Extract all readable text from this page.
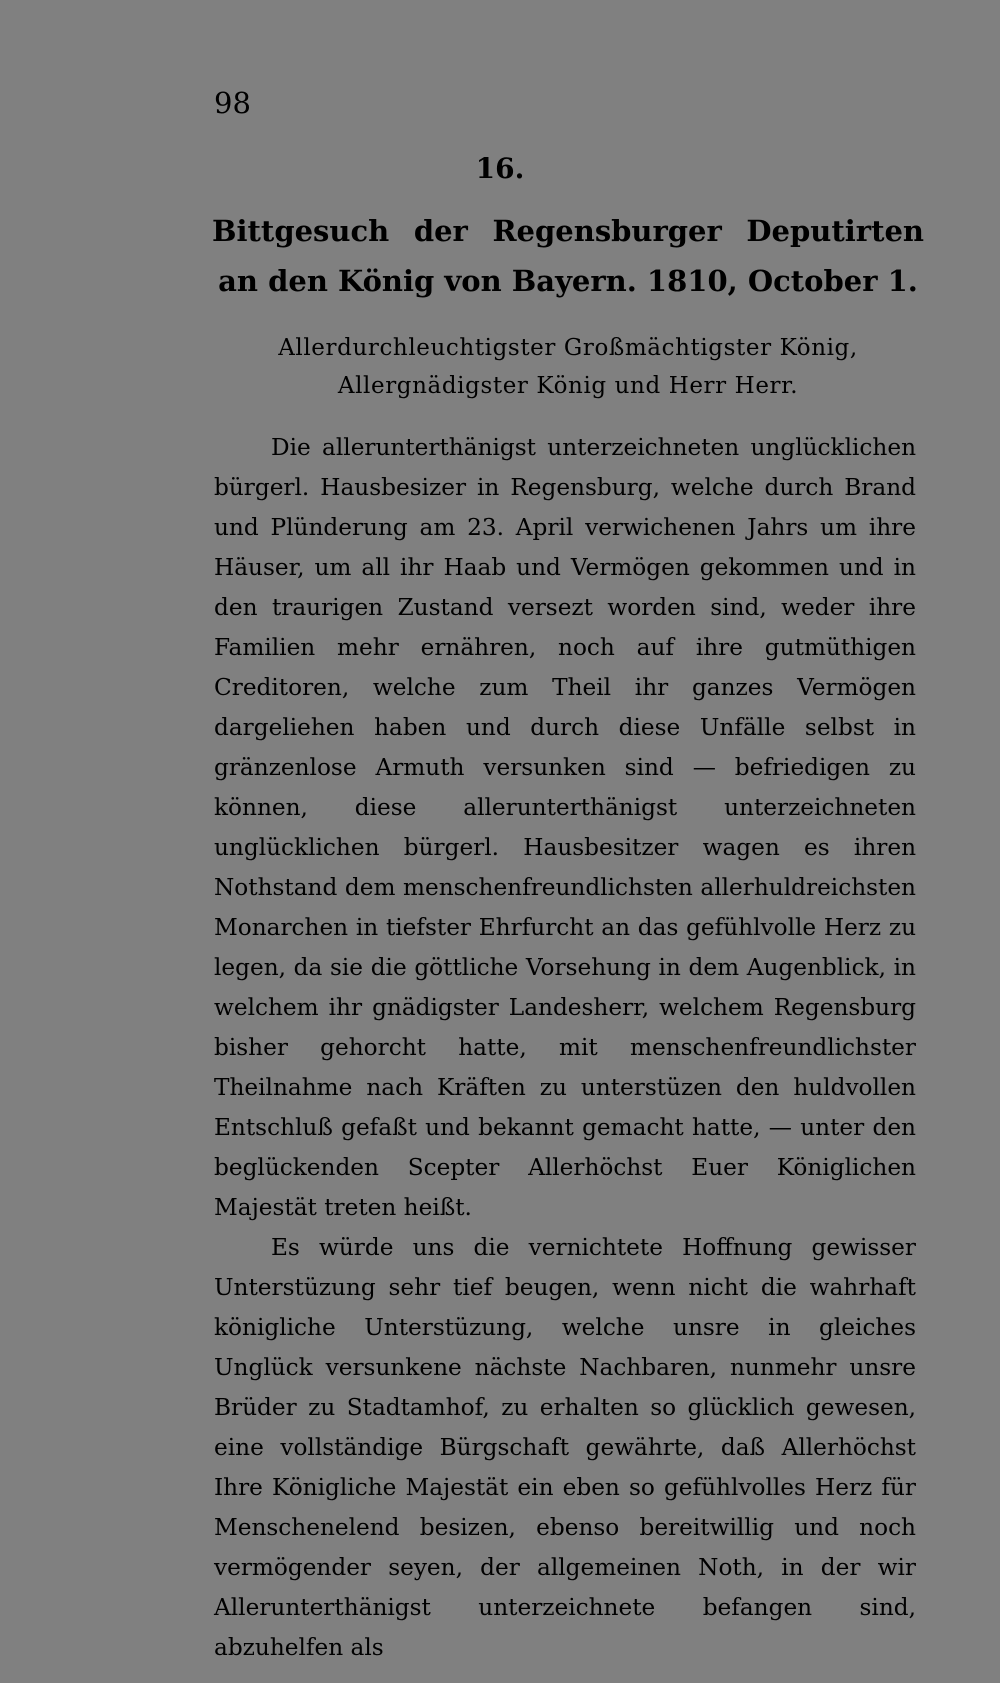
98
16.
Bittgesuch der Regensburger Deputirten an den König von Bayern. 1810, October 1.
Allerdurchleuchtigster Großmächtigster König, Allergnädigster König und Herr Herr.

Die allerunterthänigst unterzeichneten unglücklichen bürgerl. Hausbesizer in Regensburg, welche durch Brand und Plünderung am 23. April verwichenen Jahrs um ihre Häuser, um all ihr Haab und Vermögen gekommen und in den traurigen Zustand versezt worden sind, weder ihre Familien mehr ernähren, noch auf ihre gutmüthigen Creditoren, welche zum Theil ihr ganzes Vermögen dargeliehen haben und durch diese Unfälle selbst in gränzenlose Armuth versunken sind — befriedigen zu können, diese allerunterthänigst unterzeichneten unglücklichen bürgerl. Hausbesitzer wagen es ihren Nothstand dem menschenfreundlichsten allerhuldreichsten Monarchen in tiefster Ehrfurcht an das gefühlvolle Herz zu legen, da sie die göttliche Vorsehung in dem Augenblick, in welchem ihr gnädigster Landesherr, welchem Regensburg bisher gehorcht hatte, mit menschenfreundlichster Theilnahme nach Kräften zu unterstüzen den huldvollen Entschluß gefaßt und bekannt gemacht hatte, — unter den beglückenden Scepter Allerhöchst Euer Königlichen Majestät treten heißt.

Es würde uns die vernichtete Hoffnung gewisser Unterstüzung sehr tief beugen, wenn nicht die wahrhaft königliche Unterstüzung, welche unsre in gleiches Unglück versunkene nächste Nachbaren, nunmehr unsre Brüder zu Stadtamhof, zu erhalten so glücklich gewesen, eine vollständige Bürgschaft gewährte, daß Allerhöchst Ihre Königliche Majestät ein eben so gefühlvolles Herz für Menschenelend besizen, ebenso bereitwillig und noch vermögender seyen, der allgemeinen Noth, in der wir Allerunterthänigst unterzeichnete befangen sind, abzuhelfen als
